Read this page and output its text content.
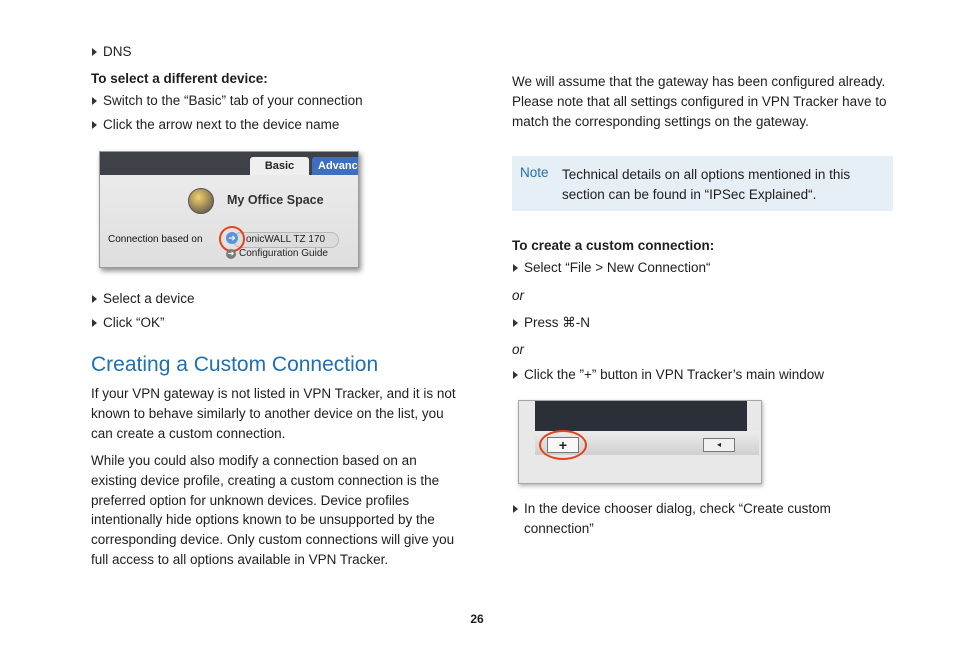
DNS
To select a different device:
Switch to the “Basic” tab of your connection
Click the arrow next to the device name
Basic	Advanc
My Office Space
Connection based on	onicWALL TZ 170
➜
➜ Configuration Guide
Select a device
Click “OK”
Creating a Custom Connection
If your VPN gateway is not listed in VPN Tracker, and it is not known to behave similarly to another device on the list, you can create a custom connection.
While you could also modify a connection based on an existing device profile, creating a custom connection is the preferred option for unknown devices. Device profiles intentionally hide options known to be unsupported by the corresponding device. Only custom connections will give you full access to all options available in VPN Tracker.
We will assume that the gateway has been configured already. Please note that all settings configured in VPN Tracker have to match the corresponding settings on the gateway.
Note Technical details on all options mentioned in this section can be found in “IPSec Explained“.
To create a custom connection:
Select “File > New Connection“
or
Press ⌘-N
or
Click the ”+” button in VPN Tracker’s main window
+	◂
In the device chooser dialog, check “Create custom connection”
26
